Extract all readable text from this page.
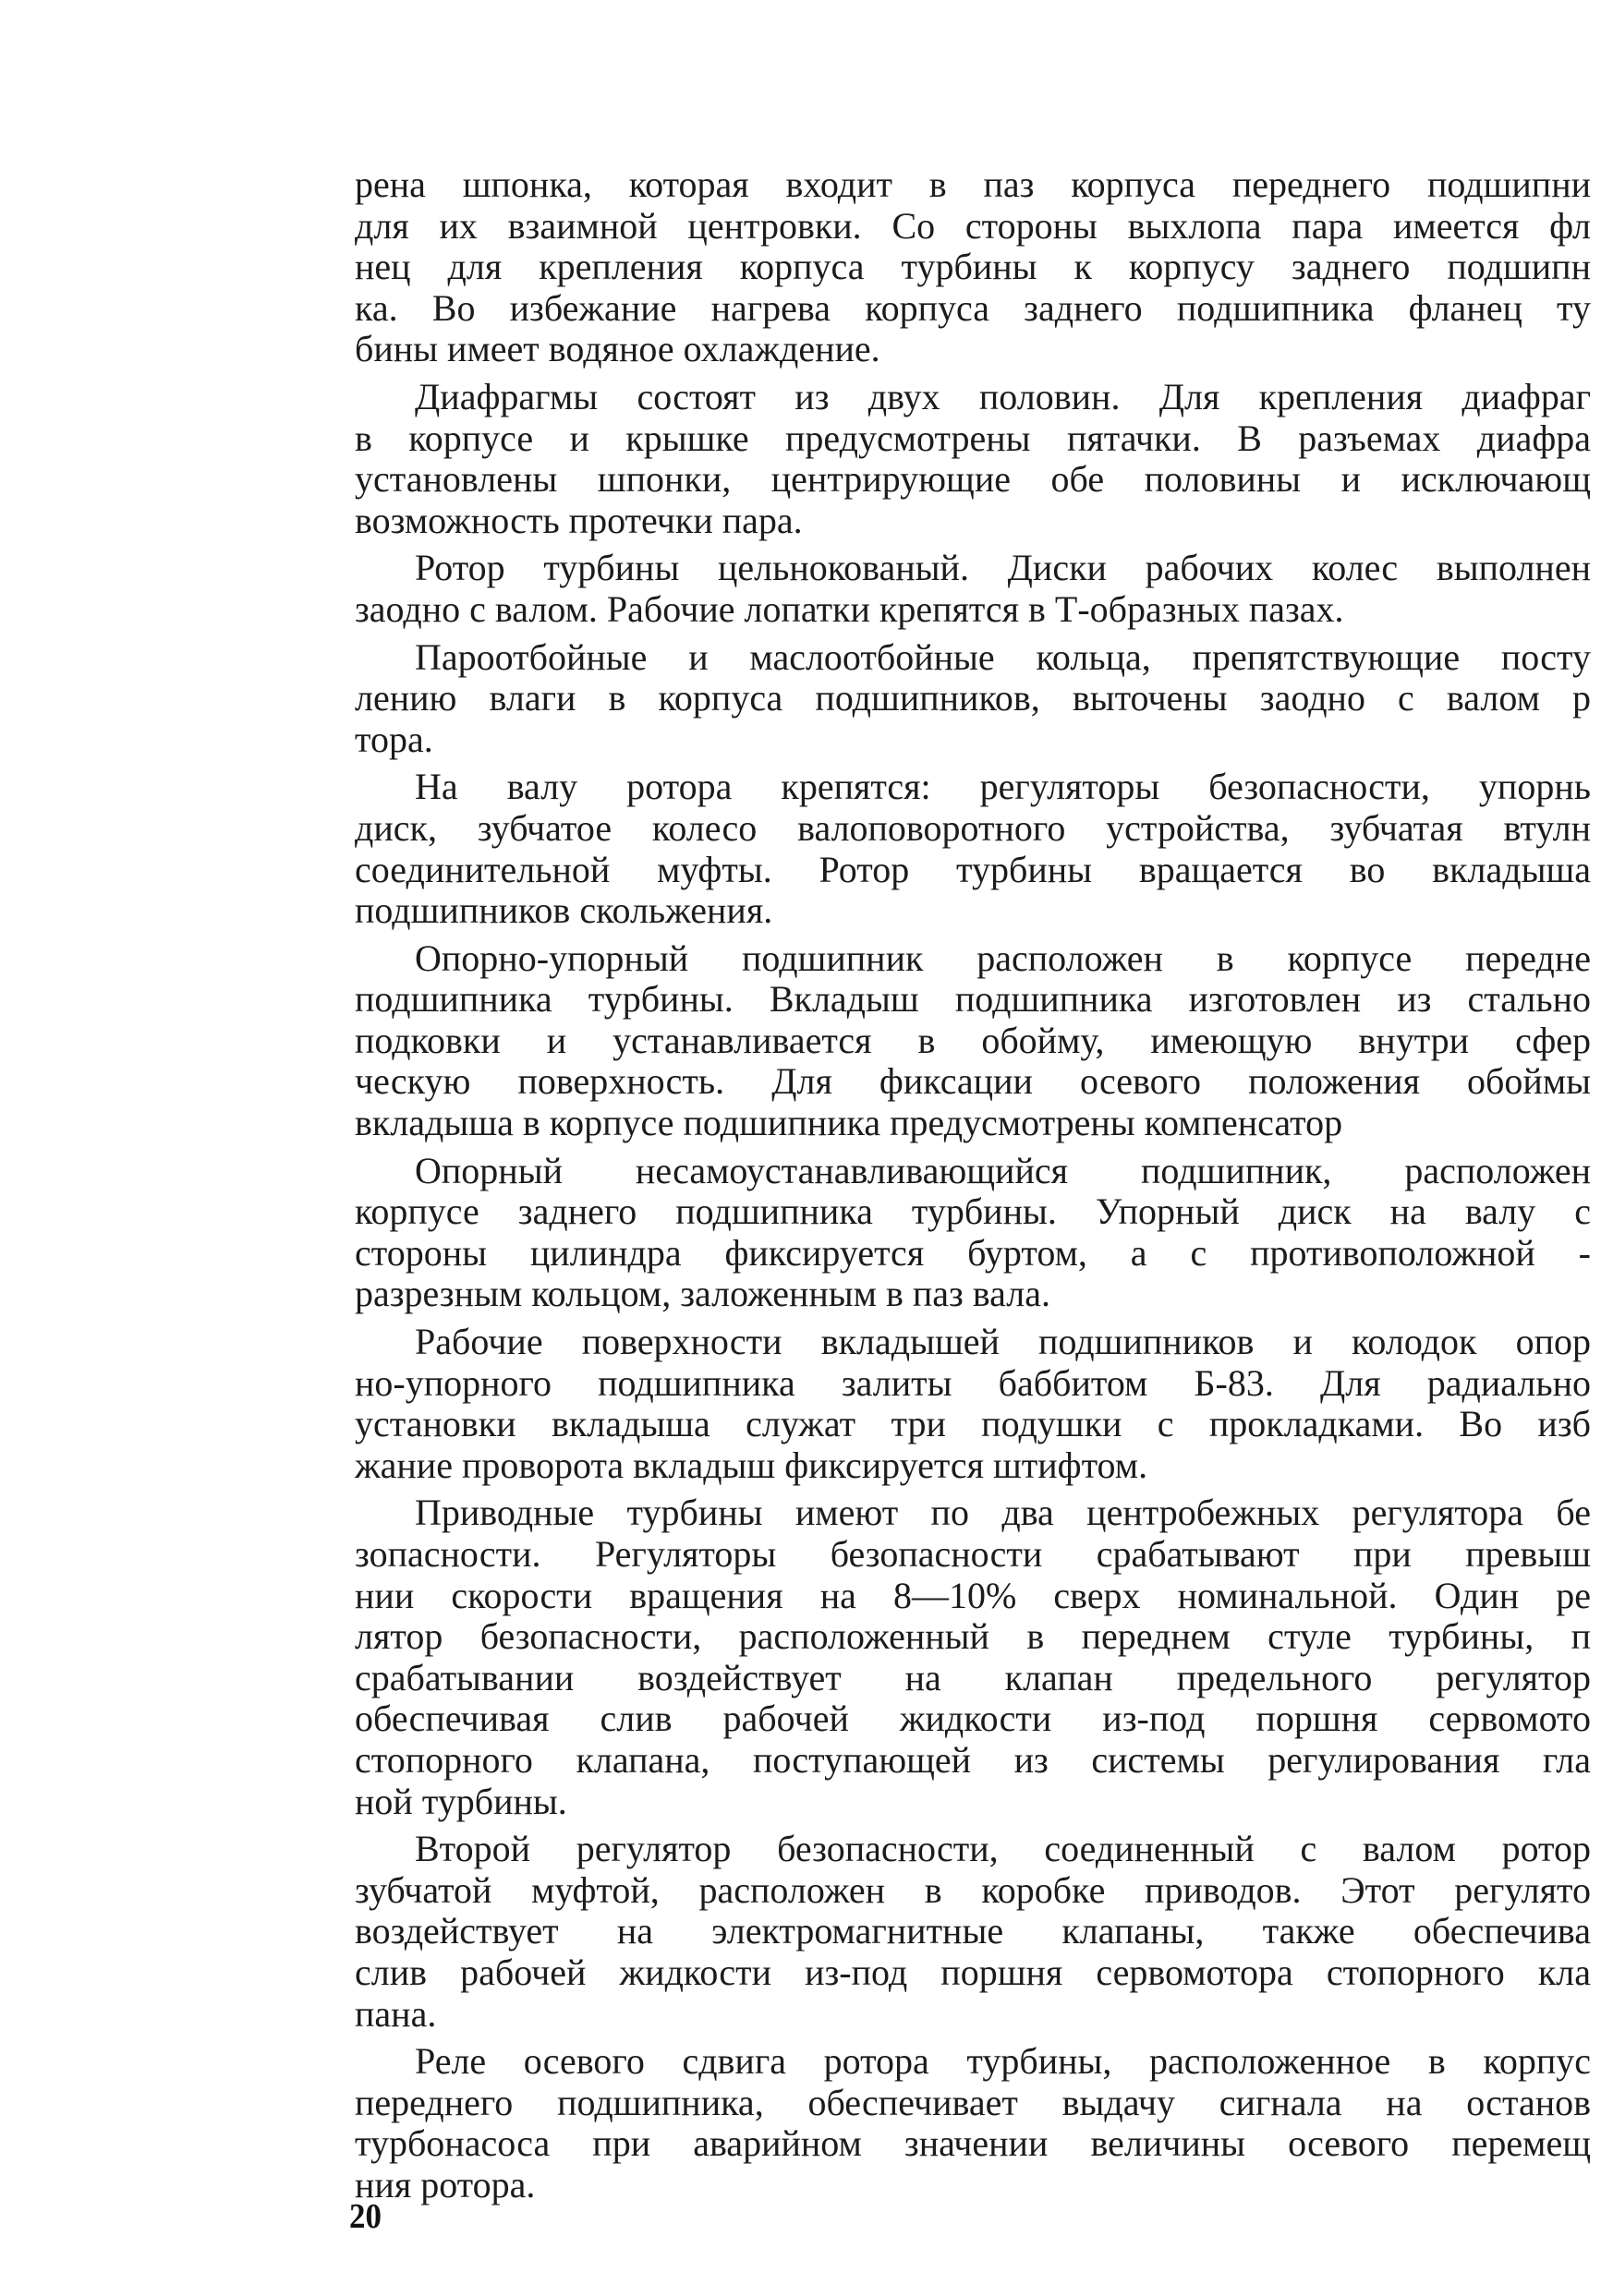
рена шпонка, которая входит в паз корпуса переднего подшипни
для их взаимной центровки. Со стороны выхлопа пара имеется фл
нец для крепления корпуса турбины к корпусу заднего подшипн
ка. Во избежание нагрева корпуса заднего подшипника фланец ту
бины имеет водяное охлаждение.
Диафрагмы состоят из двух половин. Для крепления диафраг
в корпусе и крышке предусмотрены пятачки. В разъемах диафра
установлены шпонки, центрирующие обе половины и исключающ
возможность протечки пара.
Ротор турбины цельнокованый. Диски рабочих колес выполнен
заодно с валом. Рабочие лопатки крепятся в Т-образных пазах.
Пароотбойные и маслоотбойные кольца, препятствующие посту
лению влаги в корпуса подшипников, выточены заодно с валом р
тора.
На валу ротора крепятся: регуляторы безопасности, упорнь
диск, зубчатое колесо валоповоротного устройства, зубчатая втулн
соединительной муфты. Ротор турбины вращается во вкладыша
подшипников скольжения.
Опорно-упорный подшипник расположен в корпусе передне
подшипника турбины. Вкладыш подшипника изготовлен из стально
подковки и устанавливается в обойму, имеющую внутри сфер
ческую поверхность. Для фиксации осевого положения обоймы
вкладыша в корпусе подшипника предусмотрены компенсатор
Опорный несамоустанавливающийся подшипник, расположен
корпусе заднего подшипника турбины. Упорный диск на валу с
стороны цилиндра фиксируется буртом, а с противоположной -
разрезным кольцом, заложенным в паз вала.
Рабочие поверхности вкладышей подшипников и колодок опор
но-упорного подшипника залиты баббитом Б-83. Для радиально
установки вкладыша служат три подушки с прокладками. Во изб
жание проворота вкладыш фиксируется штифтом.
Приводные турбины имеют по два центробежных регулятора бе
зопасности. Регуляторы безопасности срабатывают при превыш
нии скорости вращения на 8—10% сверх номинальной. Один ре
лятор безопасности, расположенный в переднем стуле турбины, п
срабатывании воздействует на клапан предельного регулятор
обеспечивая слив рабочей жидкости из-под поршня сервомото
стопорного клапана, поступающей из системы регулирования гла
ной турбины.
Второй регулятор безопасности, соединенный с валом ротор
зубчатой муфтой, расположен в коробке приводов. Этот регулято
воздействует на электромагнитные клапаны, также обеспечива
слив рабочей жидкости из-под поршня сервомотора стопорного кла
пана.
Реле осевого сдвига ротора турбины, расположенное в корпус
переднего подшипника, обеспечивает выдачу сигнала на останов
турбонасоса при аварийном значении величины осевого перемещ
ния ротора.
20
